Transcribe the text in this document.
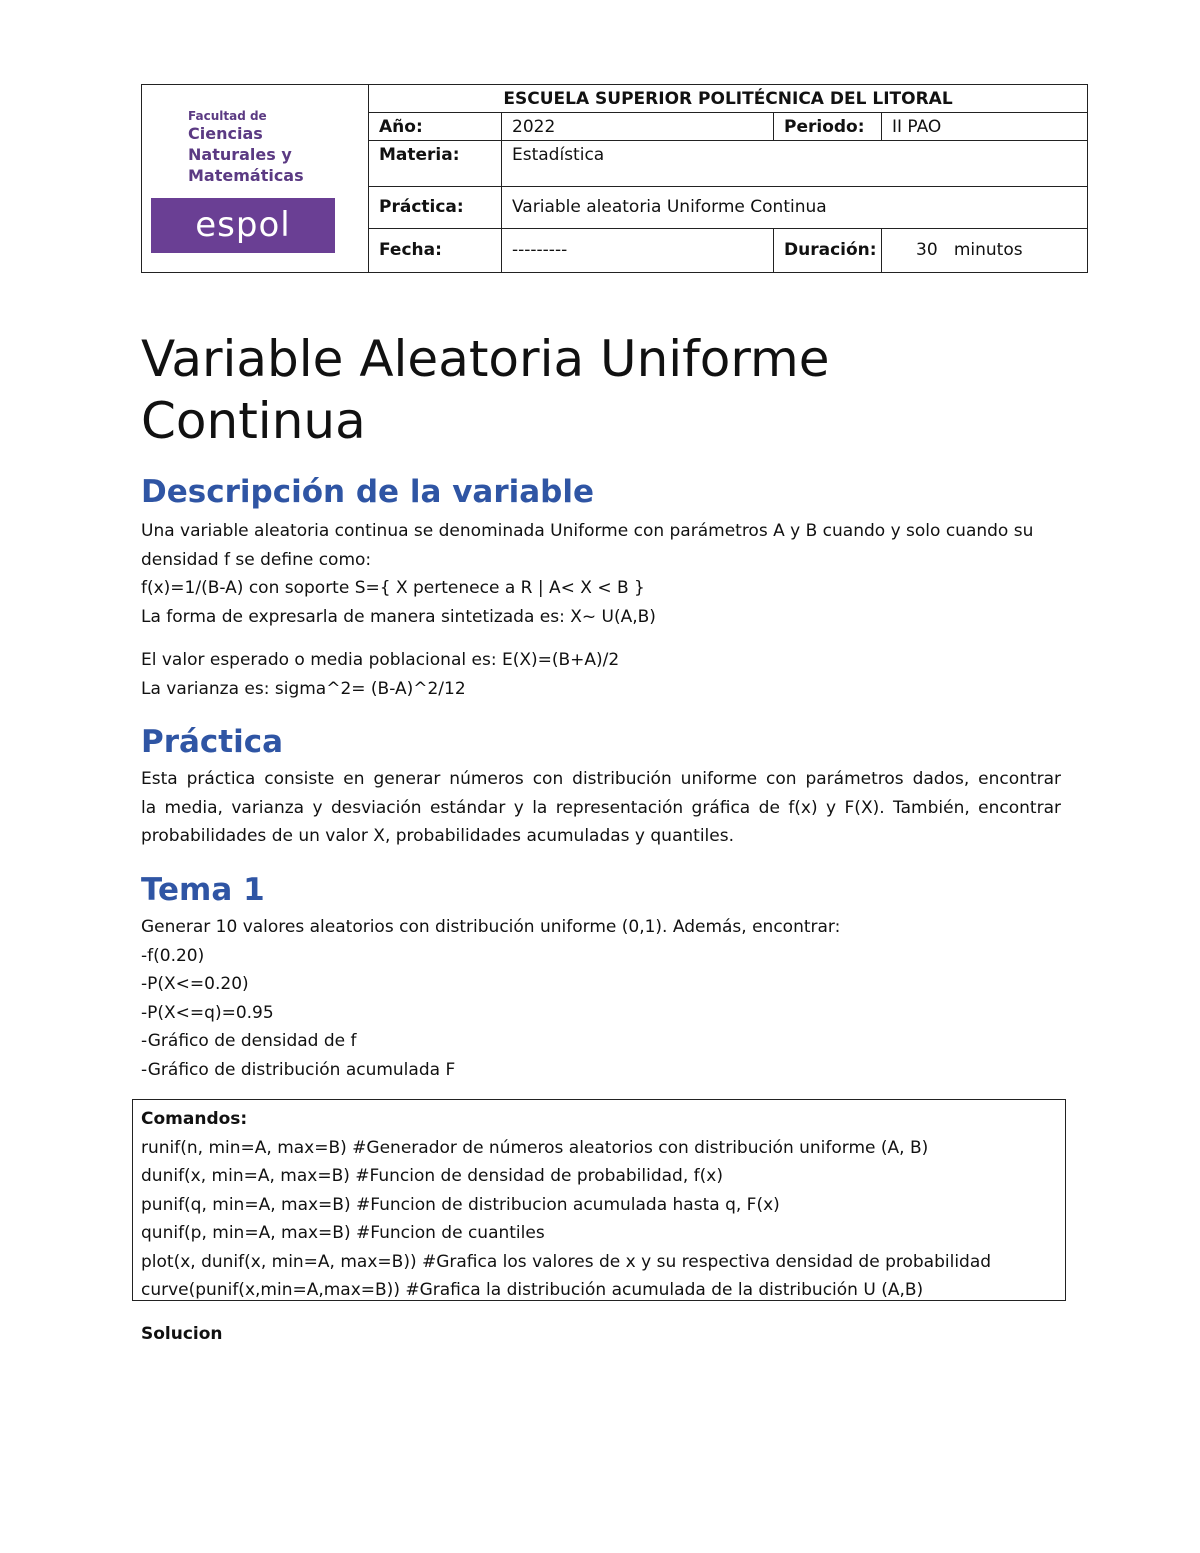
Facultad de
Ciencias
Naturales y
Matemáticas
espol	ESCUELA SUPERIOR POLITÉCNICA DEL LITORAL			
	Año:	2022	Periodo:	II PAO
	Materia:	Estadística		
	Práctica:	Variable aleatoria Uniforme Continua		
	Fecha:	---------	Duración:	30   minutos
Variable Aleatoria Uniforme
Continua
Descripción de la variable
Una variable aleatoria continua se denominada Uniforme con parámetros A y B cuando y solo cuando su
densidad f se define como:
f(x)=1/(B-A) con soporte S={ X pertenece a R | A< X < B }
La forma de expresarla de manera sintetizada es: X~ U(A,B)
El valor esperado o media poblacional es: E(X)=(B+A)/2
La varianza es: sigma^2= (B-A)^2/12
Práctica
Esta práctica consiste en generar números con distribución uniforme con parámetros dados, encontrar
la media, varianza y desviación estándar y la representación gráfica de f(x) y F(X). También, encontrar
probabilidades de un valor X, probabilidades acumuladas y quantiles.
Tema 1
Generar 10 valores aleatorios con distribución uniforme (0,1). Además, encontrar:
-f(0.20)
-P(X<=0.20)
-P(X<=q)=0.95
-Gráfico de densidad de f
-Gráfico de distribución acumulada F
Comandos:
runif(n, min=A, max=B) #Generador de números aleatorios con distribución uniforme (A, B)
dunif(x, min=A, max=B) #Funcion de densidad de probabilidad, f(x)
punif(q, min=A, max=B) #Funcion de distribucion acumulada hasta q, F(x)
qunif(p, min=A, max=B) #Funcion de cuantiles
plot(x, dunif(x, min=A, max=B)) #Grafica los valores de x y su respectiva densidad de probabilidad
curve(punif(x,min=A,max=B)) #Grafica la distribución acumulada de la distribución U (A,B)
Solucion
